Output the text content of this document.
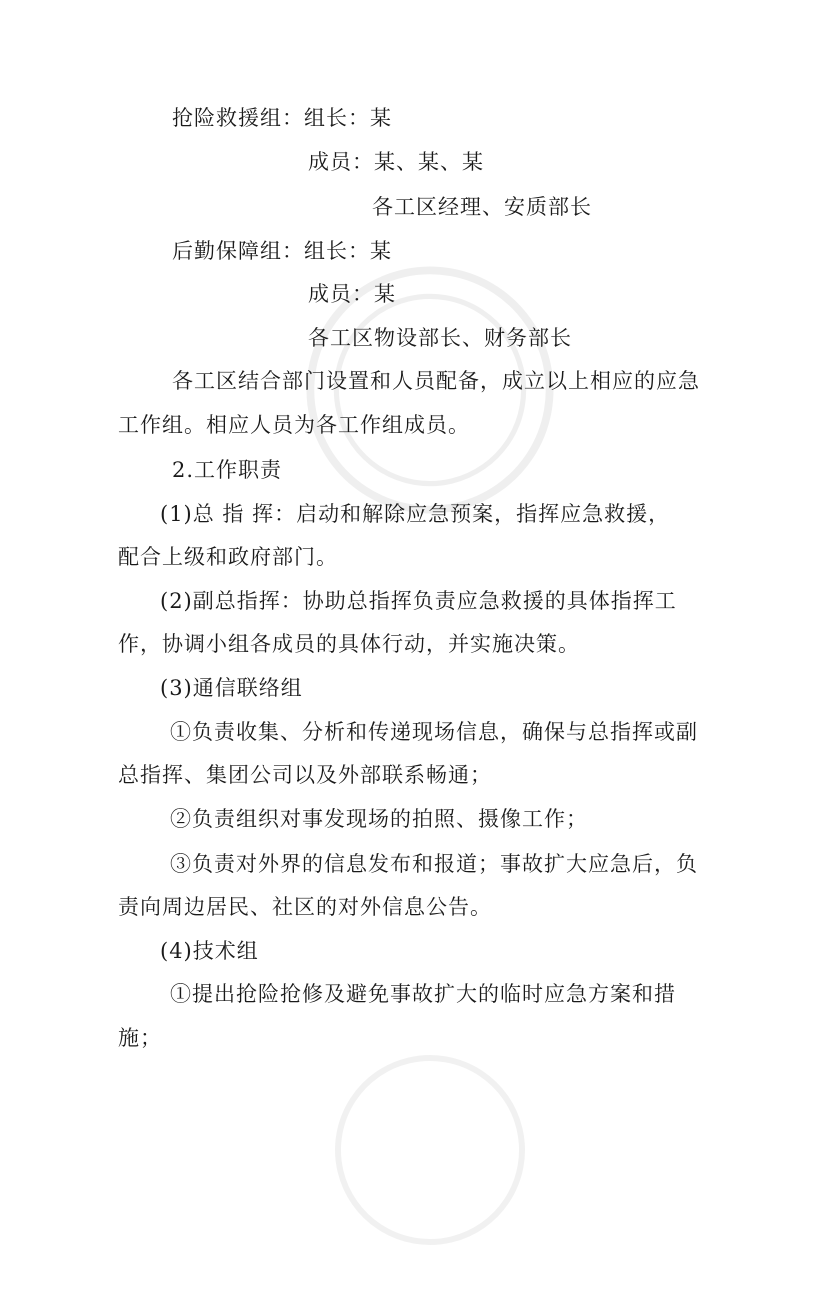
抢险救援组：组长：某
成员：某、某、某
各工区经理、安质部长
后勤保障组：组长：某
成员：某
各工区物设部长、财务部长
各工区结合部门设置和人员配备，成立以上相应的应急
工作组。相应人员为各工作组成员。
2.工作职责
(1)总 指 挥：启动和解除应急预案，指挥应急救援，
配合上级和政府部门。
(2)副总指挥：协助总指挥负责应急救援的具体指挥工
作，协调小组各成员的具体行动，并实施决策。
(3)通信联络组
①负责收集、分析和传递现场信息，确保与总指挥或副
总指挥、集团公司以及外部联系畅通；
②负责组织对事发现场的拍照、摄像工作；
③负责对外界的信息发布和报道；事故扩大应急后，负
责向周边居民、社区的对外信息公告。
(4)技术组
①提出抢险抢修及避免事故扩大的临时应急方案和措
施；
